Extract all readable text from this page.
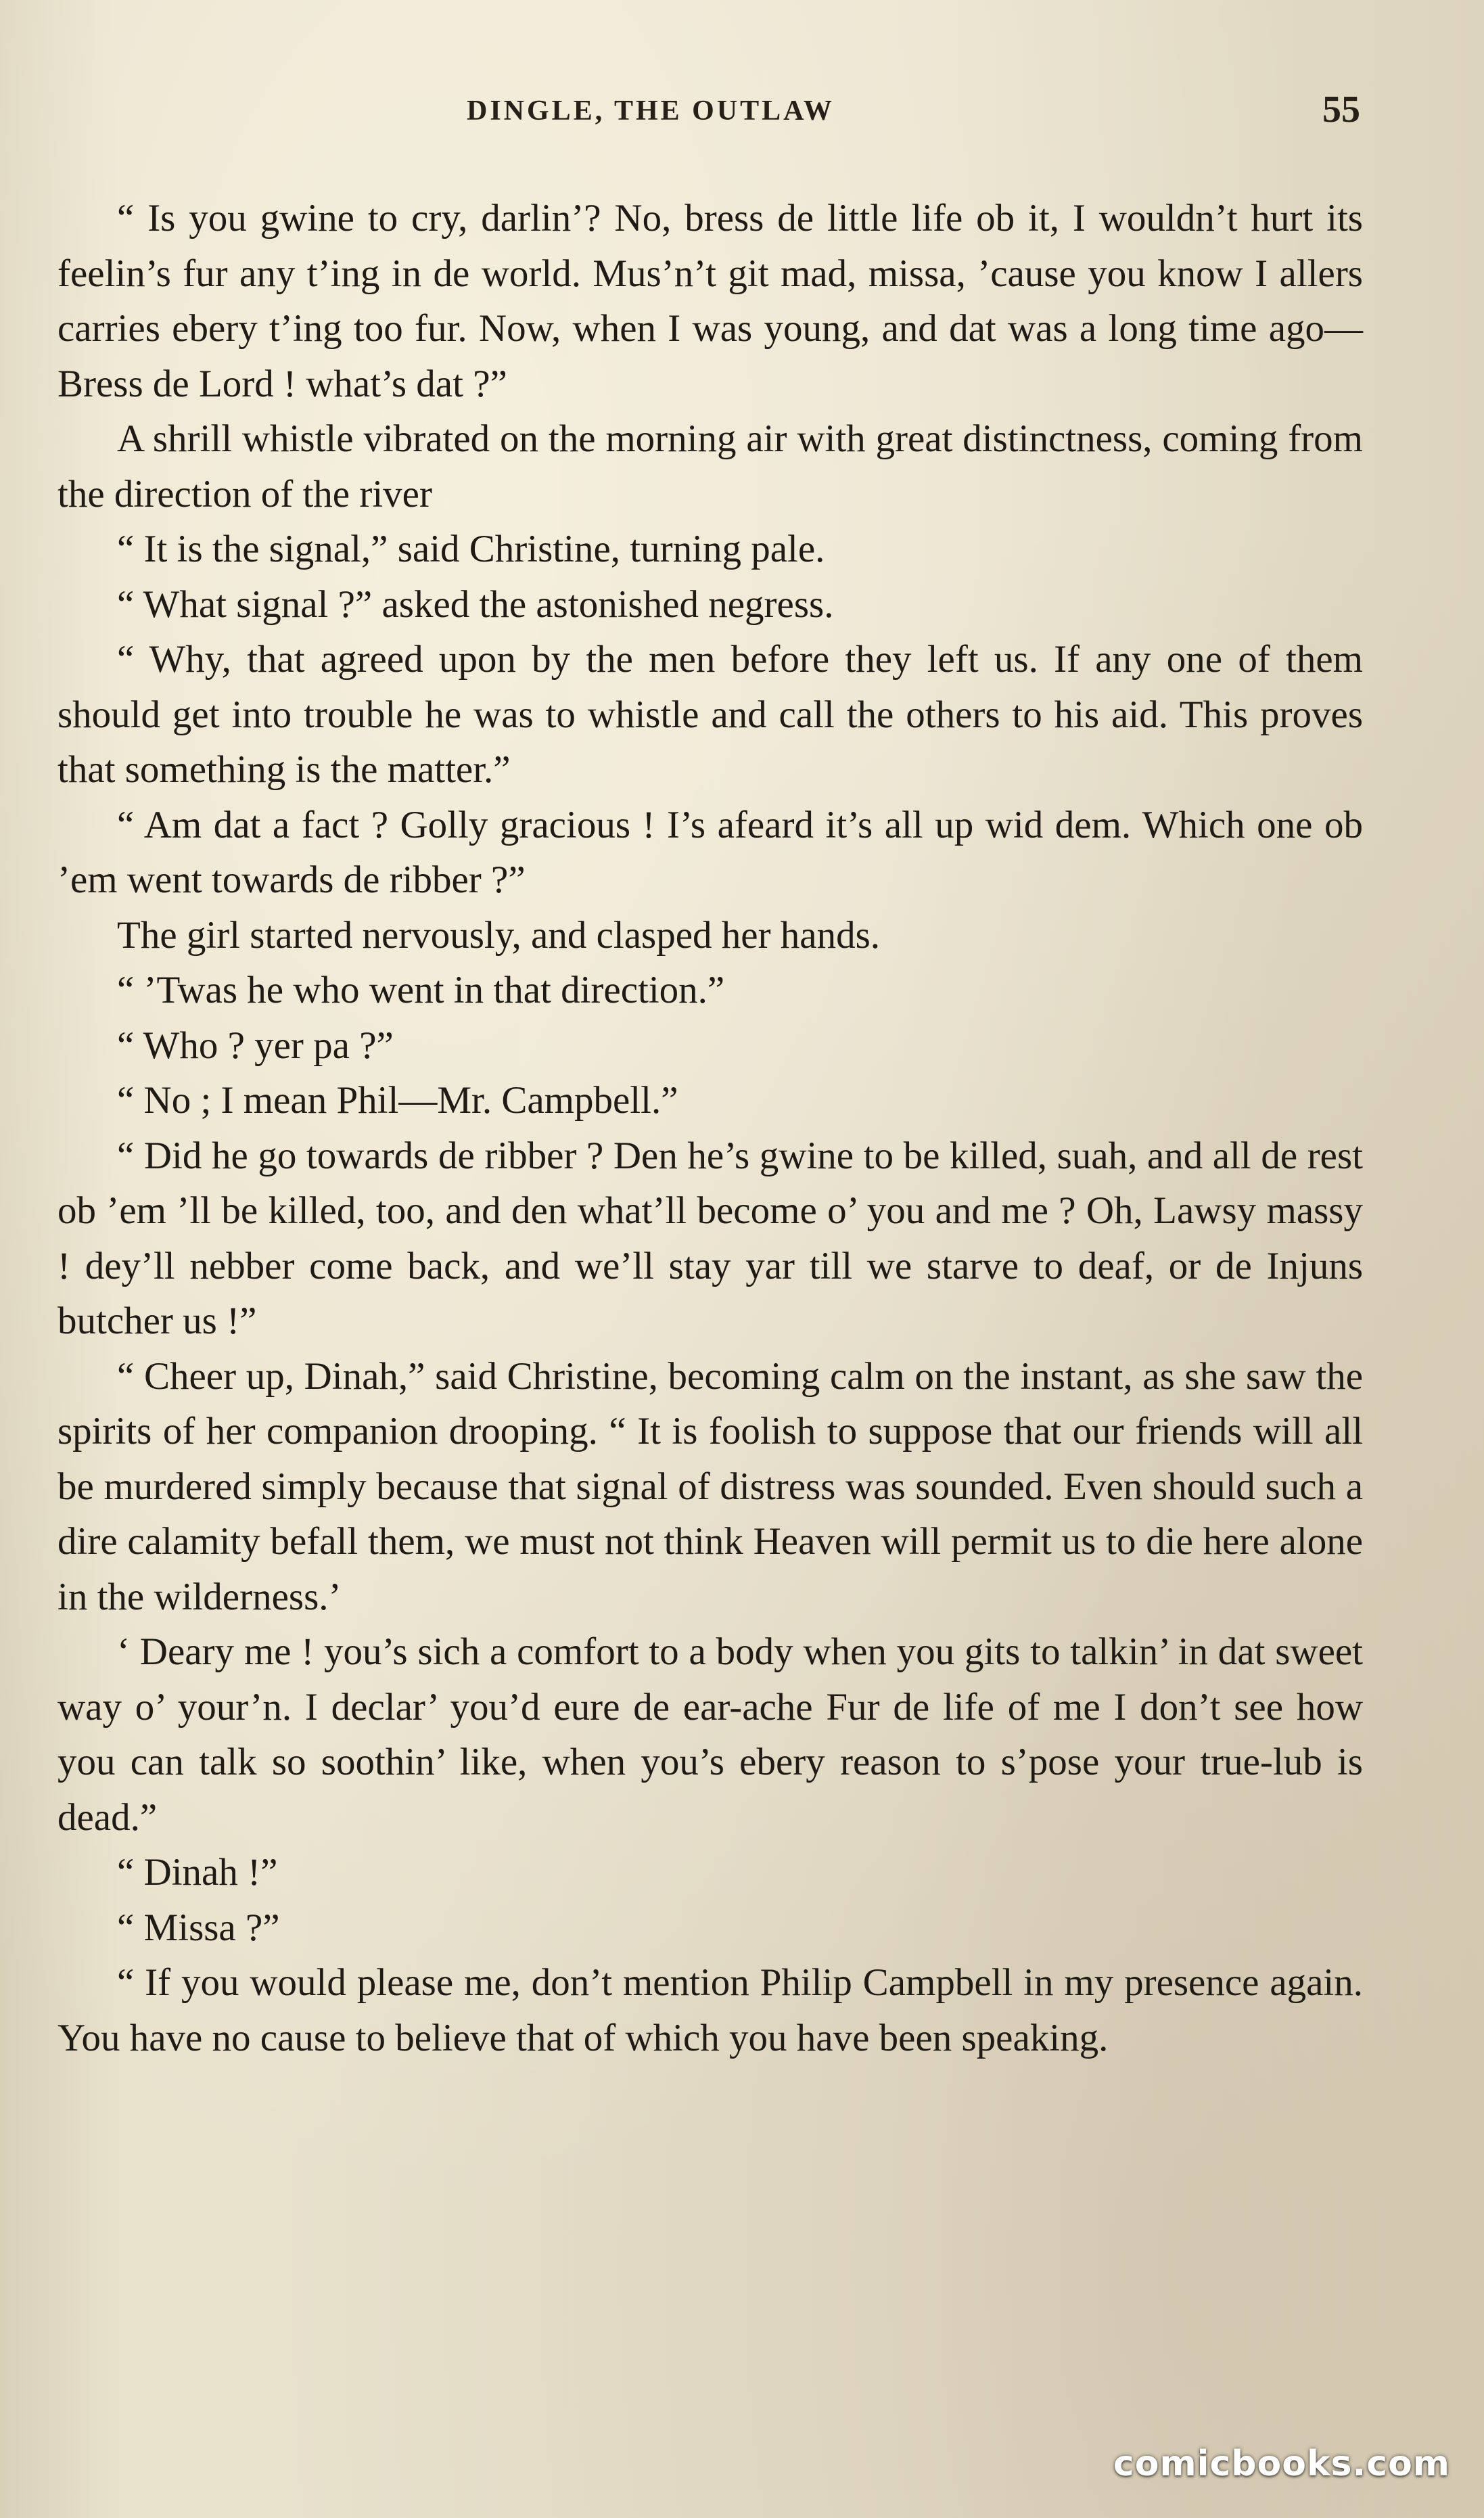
DINGLE, THE OUTLAW	55

“ Is you gwine to cry, darlin’? No, bress de little life ob it, I wouldn’t hurt its feelin’s fur any t’ing in de world. Mus’n’t git mad, missa, ’cause you know I allers carries ebery t’ing too fur. Now, when I was young, and dat was a long time ago— Bress de Lord ! what’s dat ?”

A shrill whistle vibrated on the morning air with great distinctness, coming from the direction of the river

“ It is the signal,” said Christine, turning pale.

“ What signal ?” asked the astonished negress.

“ Why, that agreed upon by the men before they left us. If any one of them should get into trouble he was to whistle and call the others to his aid. This proves that something is the matter.”

“ Am dat a fact ? Golly gracious ! I’s afeard it’s all up wid dem. Which one ob ’em went towards de ribber ?”

The girl started nervously, and clasped her hands.

“ ’Twas he who went in that direction.”

“ Who ? yer pa ?”

“ No ; I mean Phil—Mr. Campbell.”

“ Did he go towards de ribber ? Den he’s gwine to be killed, suah, and all de rest ob ’em ’ll be killed, too, and den what’ll become o’ you and me ? Oh, Lawsy massy ! dey’ll nebber come back, and we’ll stay yar till we starve to deaf, or de Injuns butcher us !”

“ Cheer up, Dinah,” said Christine, becoming calm on the instant, as she saw the spirits of her companion drooping. “ It is foolish to suppose that our friends will all be murdered simply because that signal of distress was sounded. Even should such a dire calamity befall them, we must not think Heaven will permit us to die here alone in the wilderness.’

‘ Deary me ! you’s sich a comfort to a body when you gits to talkin’ in dat sweet way o’ your’n. I declar’ you’d eure de ear-ache Fur de life of me I don’t see how you can talk so soothin’ like, when you’s ebery reason to s’pose your true-lub is dead.”

“ Dinah !”

“ Missa ?”

“ If you would please me, don’t mention Philip Campbell in my presence again. You have no cause to believe that of which you have been speaking.

comicbooks.com
